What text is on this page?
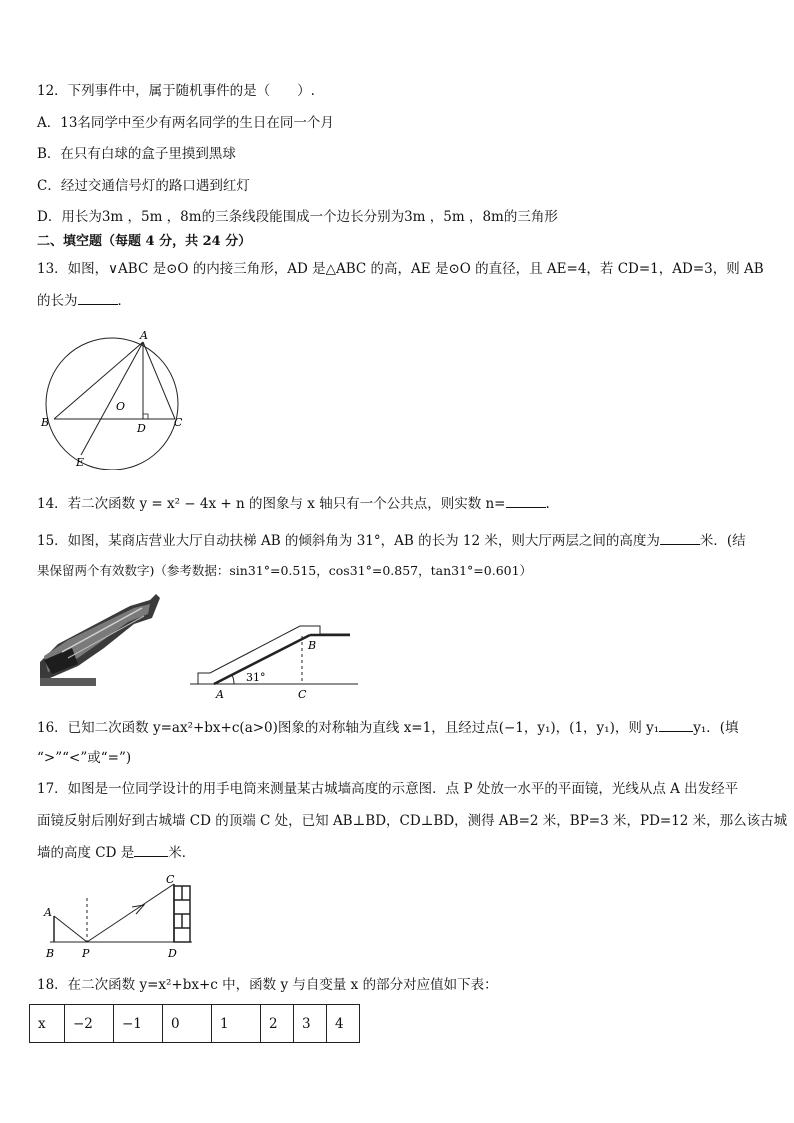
12．下列事件中，属于随机事件的是（　　）.
A．13名同学中至少有两名同学的生日在同一个月
B．在只有白球的盒子里摸到黑球
C．经过交通信号灯的路口遇到红灯
D．用长为3m ，5m ，8m的三条线段能围成一个边长分别为3m ，5m ，8m的三角形
二、填空题（每题 4 分，共 24 分）
13．如图，∨ABC 是⊙O 的内接三角形，AD 是△ABC 的高，AE 是⊙O 的直径，且 AE=4，若 CD=1，AD=3，则 AB
的长为	．
A
B	C
D
E
O
14．若二次函数 y = x² − 4x + n 的图象与 x 轴只有一个公共点，则实数 n=	.
15．如图，某商店营业大厅自动扶梯 AB 的倾斜角为 31°，AB 的长为 12 米，则大厅两层之间的高度为	米．(结
果保留两个有效数字)（参考数据：sin31°=0.515，cos31°=0.857，tan31°=0.601）
31°
A
B
C
16．已知二次函数 y=ax²+bx+c(a>0)图象的对称轴为直线 x=1，且经过点(−1，y₁)，(1，y₁)，则 y₁	y₁．(填
“>”“<”或“=”)
17．如图是一位同学设计的用手电筒来测量某古城墙高度的示意图．点 P 处放一水平的平面镜，光线从点 A 出发经平
面镜反射后刚好到古城墙 CD 的顶端 C 处，已知 AB⊥BD，CD⊥BD，测得 AB=2 米，BP=3 米，PD=12 米，那么该古城
墙的高度 CD 是	米．
A
B
C
D
P
18．在二次函数 y=x²+bx+c 中，函数 y 与自变量 x 的部分对应值如下表：
x	−2	−1	0	1	2	3	4
